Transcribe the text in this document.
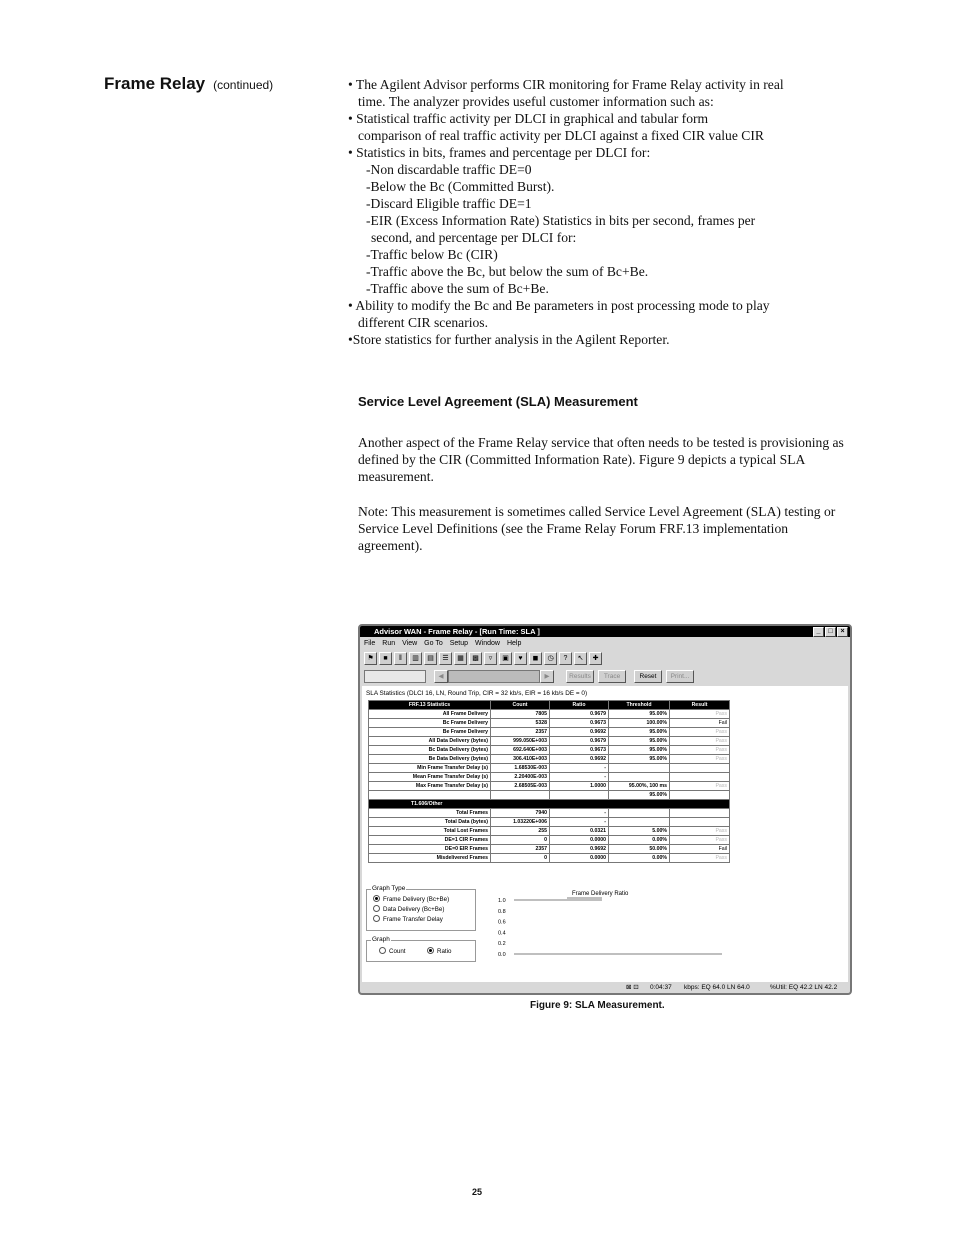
Frame Relay (continued)	• The Agilent Advisor performs CIR monitoring for Frame Relay activity in real
time. The analyzer provides useful customer information such as:
• Statistical traffic activity per DLCI in graphical and tabular form
comparison of real traffic activity per DLCI against a fixed CIR value CIR
• Statistics in bits, frames and percentage per DLCI for:
-Non discardable traffic DE=0
-Below the Bc (Committed Burst).
-Discard Eligible traffic DE=1
-EIR (Excess Information Rate) Statistics in bits per second, frames per
second, and percentage per DLCI for:
-Traffic below Bc (CIR)
-Traffic above the Bc, but below the sum of Bc+Be.
-Traffic above the sum of Bc+Be.
• Ability to modify the Bc and Be parameters in post processing mode to play
different CIR scenarios.
•Store statistics for further analysis in the Agilent Reporter.
Service Level Agreement (SLA) Measurement
Another aspect of the Frame Relay service that often needs to be tested is provisioning as defined by the CIR (Committed Information Rate). Figure 9 depicts a typical SLA measurement.
Note: This measurement is sometimes called Service Level Agreement (SLA) testing or Service Level Definitions (see the Frame Relay Forum FRF.13 implementation agreement).
Advisor WAN - Frame Relay - [Run Time: SLA ]	_	□	×
File Run View Go To Setup Window Help
⚑	■	‖	▥	▤	☰	▦	▩	▿	▣	♥	◼	◷	?	↖	✚
◀	▶	Results	Trace	Reset	Print...
SLA Statistics (DLCI 16, LN, Round Trip, CIR = 32 kb/s, EIR = 16 kb/s DE = 0)
FRF.13 Statistics	Count	Ratio	Threshold	Result
All Frame Delivery	7805	0.9679	95.00%	Pass
Bc Frame Delivery	5328	0.9673	100.00%	Fail
Be Frame Delivery	2357	0.9692	95.00%	Pass
All Data Delivery (bytes)	999.050E+003	0.9679	95.00%	Pass
Bc Data Delivery (bytes)	692.640E+003	0.9673	95.00%	Pass
Be Data Delivery (bytes)	306.410E+003	0.9692	95.00%	Pass
Min Frame Transfer Delay (s)	1.68530E-003	-		
Mean Frame Transfer Delay (s)	2.20400E-003	-		
Max Frame Transfer Delay (s)	2.68505E-003	1.0000	95.00%, 100 ms	Pass
			95.00%	
T1.606/Other				
Total Frames	7940	-		
Total Data (bytes)	1.03220E+006	-		
Total Lost Frames	255	0.0321	5.00%	Pass
DE=1 CIR Frames	0	0.0000	0.00%	Pass
DE=0 EIR Frames	2357	0.9692	50.00%	Fail
Misdelivered Frames	0	0.0000	0.00%	Pass
Graph Type
Frame Delivery (Bc+Be)
Data Delivery (Bc+Be)
Frame Transfer Delay
Graph
Count	Ratio
Frame Delivery Ratio
1.0
0.8
0.6
0.4
0.2
0.0
⊠ ⊡ 0:04:37 kbps: EQ 64.0 LN 64.0	%Util: EQ 42.2 LN 42.2
Figure 9: SLA Measurement.
25
